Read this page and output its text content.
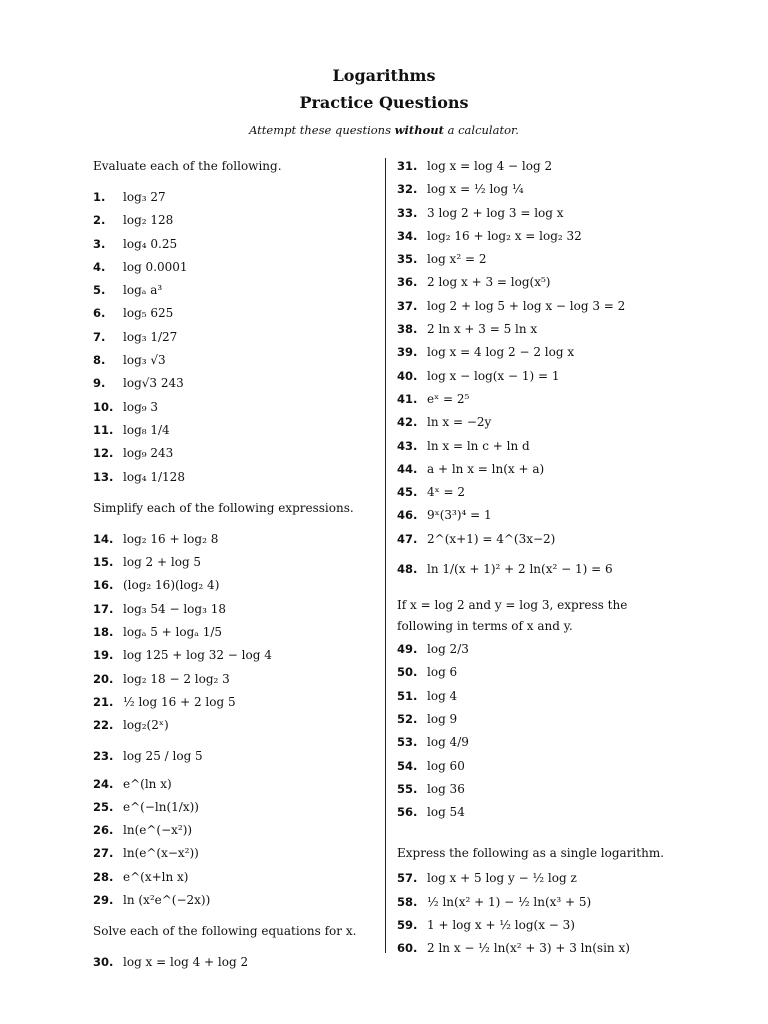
Logarithms
Practice Questions
Attempt these questions without a calculator.
Evaluate each of the following.
1. log₃ 27
2. log₂ 128
3. log₄ 0.25
4. log 0.0001
5. logₐ a³
6. log₅ 625
7. log₃ 1/27
8. log₃ √3
9. log√3 243
10. log₉ 3
11. log₈ 1/4
12. log₉ 243
13. log₄ 1/128
Simplify each of the following expressions.
14. log₂ 16 + log₂ 8
15. log 2 + log 5
16. (log₂ 16)(log₂ 4)
17. log₃ 54 − log₃ 18
18. logₐ 5 + logₐ 1/5
19. log 125 + log 32 − log 4
20. log₂ 18 − 2 log₂ 3
21. ½ log 16 + 2 log 5
22. log₂(2ˣ)
23. log 25 / log 5
24. e^(ln x)
25. e^(−ln(1/x))
26. ln(e^(−x²))
27. ln(e^(x−x²))
28. e^(x+ln x)
29. ln (x²e^(−2x))
Solve each of the following equations for x.
30. log x = log 4 + log 2
31. log x = log 4 − log 2
32. log x = ½ log ¼
33. 3 log 2 + log 3 = log x
34. log₂ 16 + log₂ x = log₂ 32
35. log x² = 2
36. 2 log x + 3 = log(x⁵)
37. log 2 + log 5 + log x − log 3 = 2
38. 2 ln x + 3 = 5 ln x
39. log x = 4 log 2 − 2 log x
40. log x − log(x − 1) = 1
41. eˣ = 2⁵
42. ln x = −2y
43. ln x = ln c + ln d
44. a + ln x = ln(x + a)
45. 4ˣ = 2
46. 9ˣ(3³)⁴ = 1
47. 2^(x+1) = 4^(3x−2)
48. ln 1/(x + 1)² + 2 ln(x² − 1) = 6
If x = log 2 and y = log 3, express the following in terms of x and y.
49. log 2/3
50. log 6
51. log 4
52. log 9
53. log 4/9
54. log 60
55. log 36
56. log 54
Express the following as a single logarithm.
57. log x + 5 log y − ½ log z
58. ½ ln(x² + 1) − ½ ln(x³ + 5)
59. 1 + log x + ½ log(x − 3)
60. 2 ln x − ½ ln(x² + 3) + 3 ln(sin x)
